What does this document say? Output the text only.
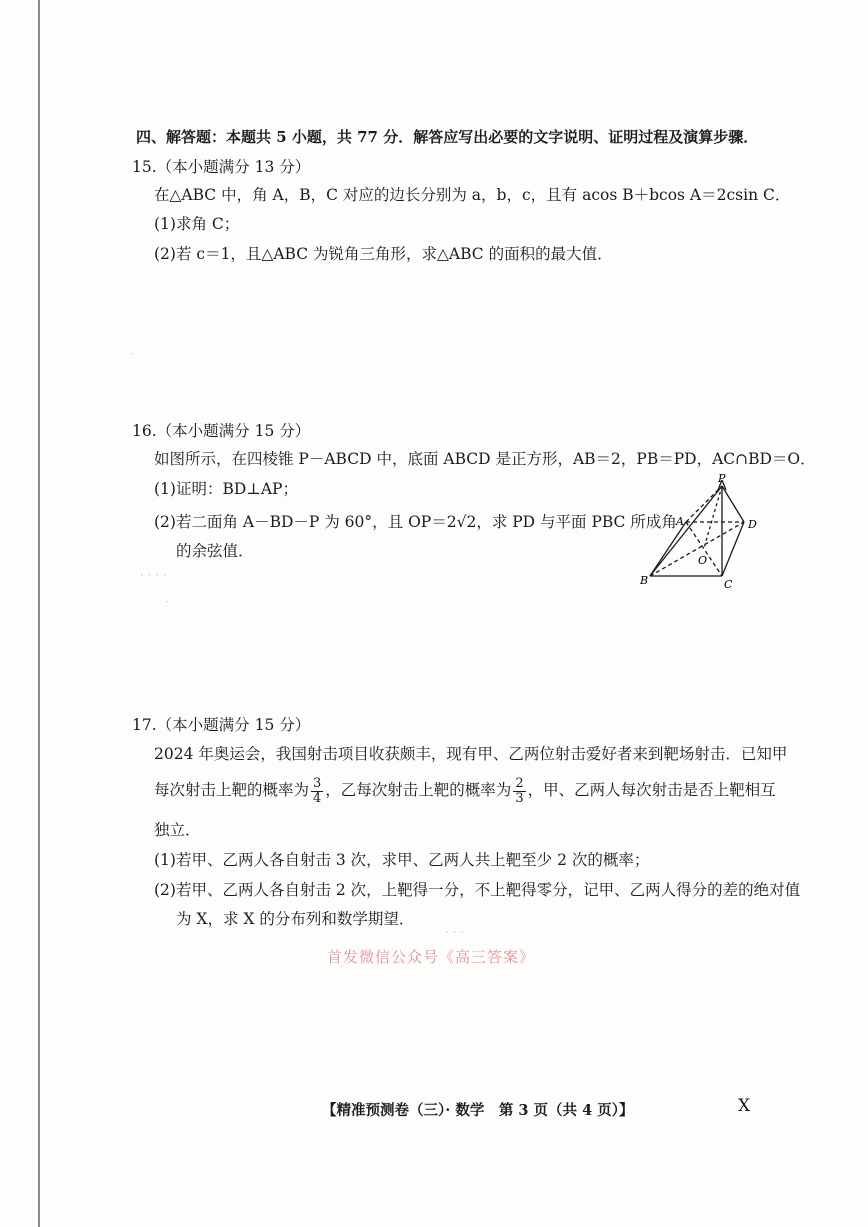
四、解答题：本题共 5 小题，共 77 分．解答应写出必要的文字说明、证明过程及演算步骤．
15.（本小题满分 13 分）
在△ABC 中，角 A，B，C 对应的边长分别为 a，b，c，且有 acos B＋bcos A＝2csin C．
(1)求角 C；
(2)若 c＝1，且△ABC 为锐角三角形，求△ABC 的面积的最大值．
·
16.（本小题满分 15 分）
如图所示，在四棱锥 P－ABCD 中，底面 ABCD 是正方形，AB＝2，PB＝PD，AC∩BD＝O．
(1)证明：BD⊥AP；
(2)若二面角 A－BD－P 为 60°，且 OP＝2√2，求 PD 与平面 PBC 所成角
的余弦值．
· · · ·
·
P
A	D
O
B	C
17.（本小题满分 15 分）
2024 年奥运会，我国射击项目收获颇丰，现有甲、乙两位射击爱好者来到靶场射击．已知甲
每次射击上靶的概率为 $\frac{3}{4}$ ，乙每次射击上靶的概率为 $\frac{2}{3}$ ，甲、乙两人每次射击是否上靶相互
独立．
(1)若甲、乙两人各自射击 3 次，求甲、乙两人共上靶至少 2 次的概率；
(2)若甲、乙两人各自射击 2 次，上靶得一分，不上靶得零分，记甲、乙两人得分的差的绝对值
为 X，求 X 的分布列和数学期望．
· · ·
首发微信公众号《高三答案》
【精准预测卷（三）· 数学　第 3 页（共 4 页）】	X
